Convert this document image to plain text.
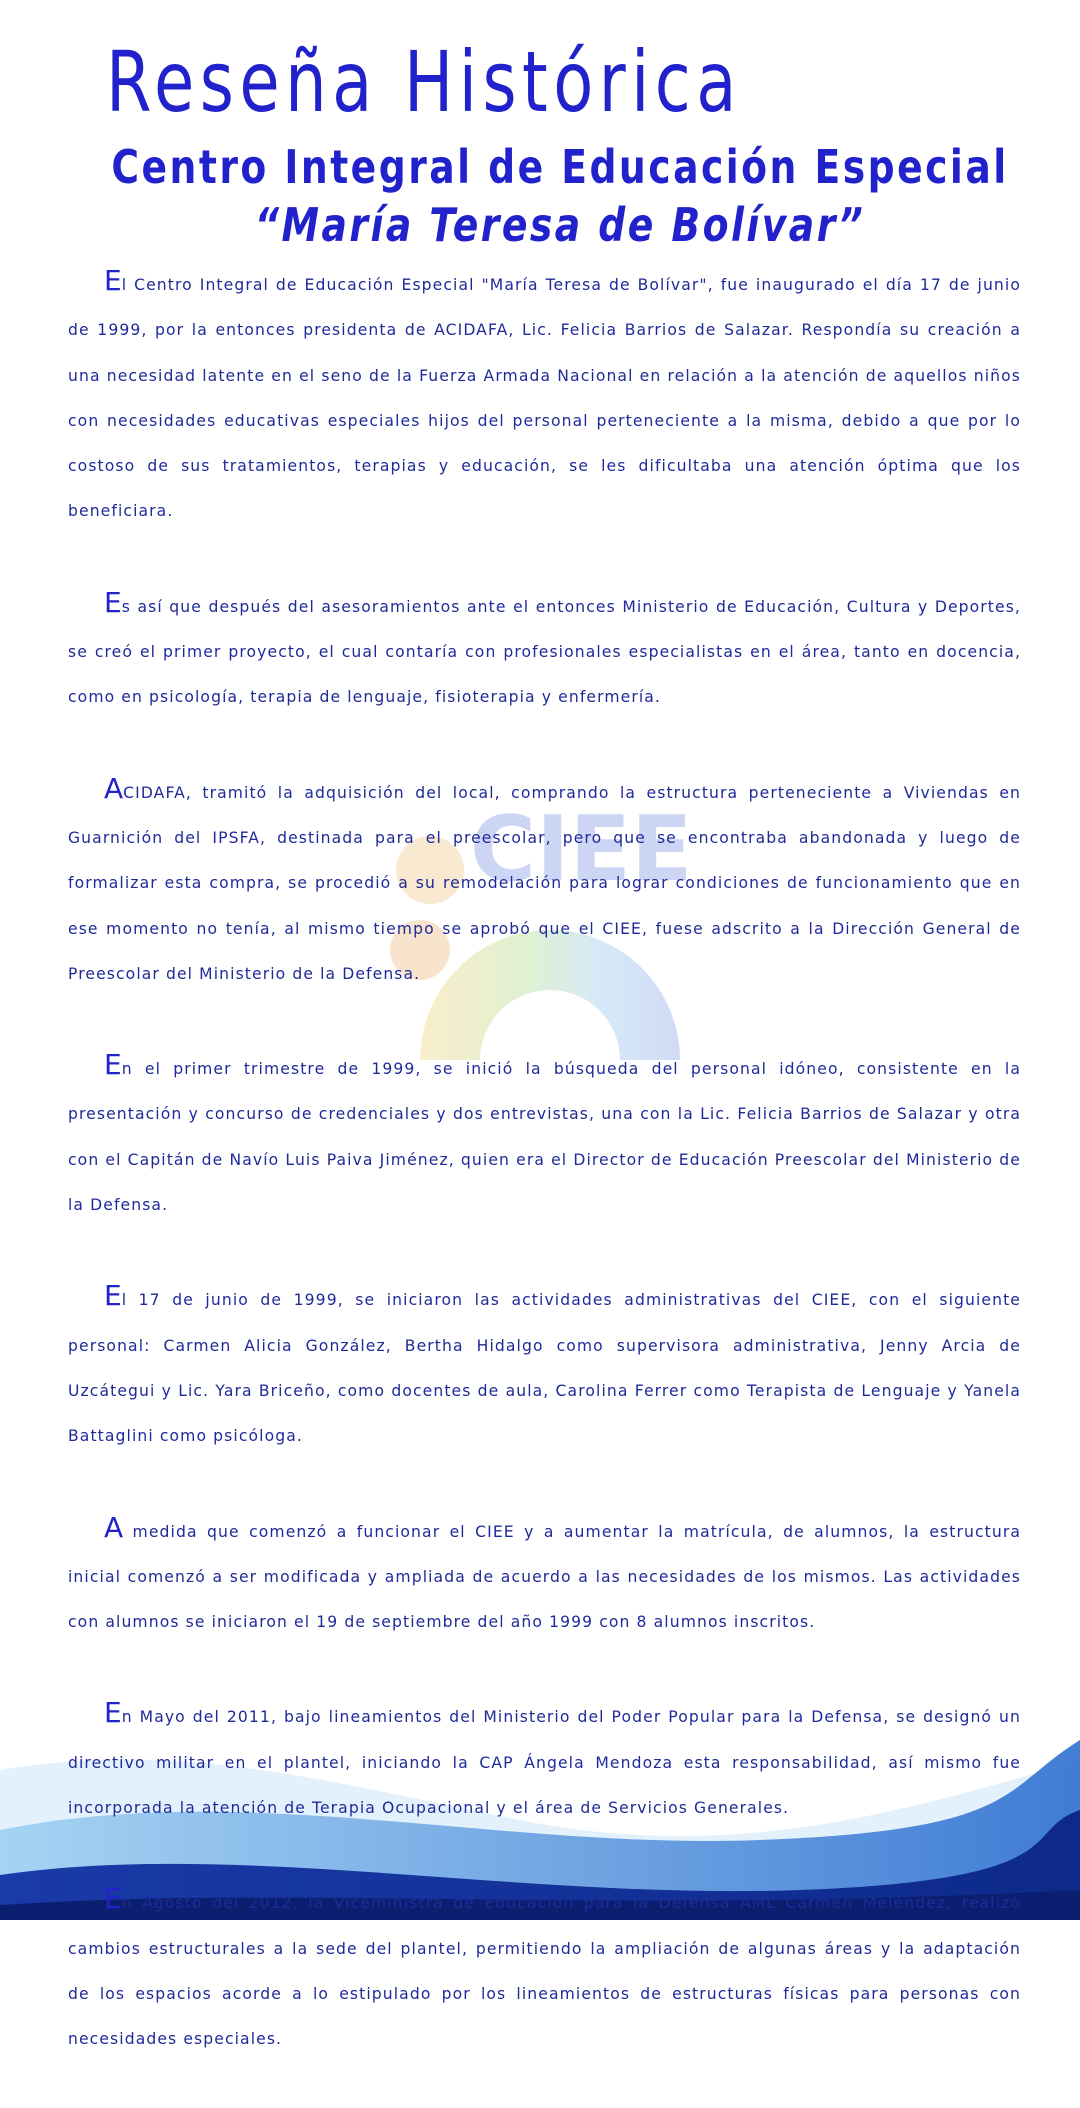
CIEE
Reseña Histórica
Centro Integral de Educación Especial
“María Teresa de Bolívar”

El Centro Integral de Educación Especial "María Teresa de Bolívar", fue inaugurado el día 17 de junio de 1999, por la entonces presidenta de ACIDAFA, Lic. Felicia Barrios de Salazar. Respondía su creación a una necesidad latente en el seno de la Fuerza Armada Nacional en relación a la atención de aquellos niños con necesidades educativas especiales hijos del personal perteneciente a la misma, debido a que por lo costoso de sus tratamientos, terapias y educación, se les dificultaba una atención óptima que los beneficiara.

Es así que después del asesoramientos ante el entonces Ministerio de Educación, Cultura y Deportes, se creó el primer proyecto, el cual contaría con profesionales especialistas en el área, tanto en docencia, como en psicología, terapia de lenguaje, fisioterapia y enfermería.

ACIDAFA, tramitó la adquisición del local, comprando la estructura perteneciente a Viviendas en Guarnición del IPSFA, destinada para el preescolar, pero que se encontraba abandonada y luego de formalizar esta compra, se procedió a su remodelación para lograr condiciones de funcionamiento que en ese momento no tenía, al mismo tiempo se aprobó que el CIEE, fuese adscrito a la Dirección General de Preescolar del Ministerio de la Defensa.

En el primer trimestre de 1999, se inició la búsqueda del personal idóneo, consistente en la presentación y concurso de credenciales y dos entrevistas, una con la Lic. Felicia Barrios de Salazar y otra con el Capitán de Navío Luis Paiva Jiménez, quien era el Director de Educación Preescolar del Ministerio de la Defensa.

El 17 de junio de 1999, se iniciaron las actividades administrativas del CIEE, con el siguiente personal: Carmen Alicia González, Bertha Hidalgo como supervisora administrativa, Jenny Arcia de Uzcátegui y Lic. Yara Briceño, como docentes de aula, Carolina Ferrer como Terapista de Lenguaje y Yanela Battaglini como psicóloga.

A medida que comenzó a funcionar el CIEE y a aumentar la matrícula, de alumnos, la estructura inicial comenzó a ser modificada y ampliada de acuerdo a las necesidades de los mismos. Las actividades con alumnos se iniciaron el 19 de septiembre del año 1999 con 8 alumnos inscritos.

En Mayo del 2011, bajo lineamientos del Ministerio del Poder Popular para la Defensa, se designó un directivo militar en el plantel, iniciando la CAP Ángela Mendoza esta responsabilidad, así mismo fue incorporada la atención de Terapia Ocupacional y el área de Servicios Generales.

En Agosto del 2012, la Viceministra de Educación para la Defensa AML Carmen Meléndez, realizó cambios estructurales a la sede del plantel, permitiendo la ampliación de algunas áreas y la adaptación de los espacios acorde a lo estipulado por los lineamientos de estructuras físicas para personas con necesidades especiales.
